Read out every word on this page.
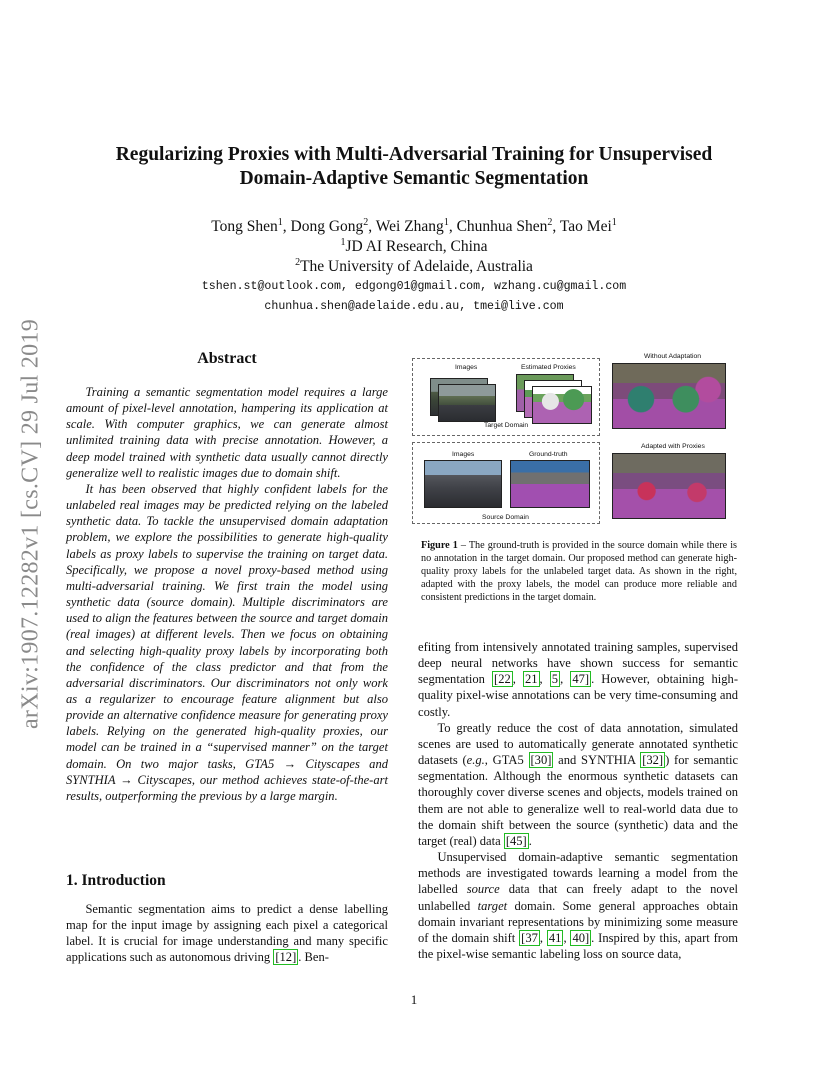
arXiv:1907.12282v1 [cs.CV] 29 Jul 2019
Regularizing Proxies with Multi-Adversarial Training for Unsupervised
Domain-Adaptive Semantic Segmentation
Tong Shen$^1$, Dong Gong$^2$, Wei Zhang$^1$, Chunhua Shen$^2$, Tao Mei$^1$
$^1$JD AI Research, China
$^2$The University of Adelaide, Australia
tshen.st@outlook.com, edgong01@gmail.com, wzhang.cu@gmail.com
chunhua.shen@adelaide.edu.au, tmei@live.com
Abstract

Training a semantic segmentation model requires a large amount of pixel-level annotation, hampering its application at scale. With computer graphics, we can generate almost unlimited training data with precise annotation. However, a deep model trained with synthetic data usually cannot directly generalize well to realistic images due to domain shift.

It has been observed that highly confident labels for the unlabeled real images may be predicted relying on the labeled synthetic data. To tackle the unsupervised domain adaptation problem, we explore the possibilities to generate high-quality labels as proxy labels to supervise the training on target data. Specifically, we propose a novel proxy-based method using multi-adversarial training. We first train the model using synthetic data (source domain). Multiple discriminators are used to align the features between the source and target domain (real images) at different levels. Then we focus on obtaining and selecting high-quality proxy labels by incorporating both the confidence of the class predictor and that from the adversarial discriminators. Our discriminators not only work as a regularizer to encourage feature alignment but also provide an alternative confidence measure for generating proxy labels. Relying on the generated high-quality proxies, our model can be trained in a “supervised manner” on the target domain. On two major tasks, GTA5 → Cityscapes and SYNTHIA → Cityscapes, our method achieves state-of-the-art results, outperforming the previous by a large margin.

1. Introduction

Semantic segmentation aims to predict a dense labelling map for the input image by assigning each pixel a categorical label. It is crucial for image understanding and many specific applications such as autonomous driving [12] . Ben-

Images	Estimated Proxies
Target Domain
Images	Ground-truth
Source Domain
Without Adaptation
Adapted with Proxies
Figure 1 – The ground-truth is provided in the source domain while there is no annotation in the target domain. Our proposed method can generate high-quality proxy labels for the unlabeled target data. As shown in the right, adapted with the proxy labels, the model can produce more reliable and consistent predictions in the target domain.

efiting from intensively annotated training samples, supervised deep neural networks have shown success for semantic segmentation [22 , 21 , 5 , 47] . However, obtaining high-quality pixel-wise annotations can be very time-consuming and costly.

To greatly reduce the cost of data annotation, simulated scenes are used to automatically generate annotated synthetic datasets (e.g., GTA5 [30] and SYNTHIA [32] ) for semantic segmentation. Although the enormous synthetic datasets can thoroughly cover diverse scenes and objects, models trained on them are not able to generalize well to real-world data due to the domain shift between the source (synthetic) data and the target (real) data [45] .

Unsupervised domain-adaptive semantic segmentation methods are investigated towards learning a model from the labelled source data that can freely adapt to the novel unlabelled target domain. Some general approaches obtain domain invariant representations by minimizing some measure of the domain shift [37 , 41 , 40] . Inspired by this, apart from the pixel-wise semantic labeling loss on source data,

1
